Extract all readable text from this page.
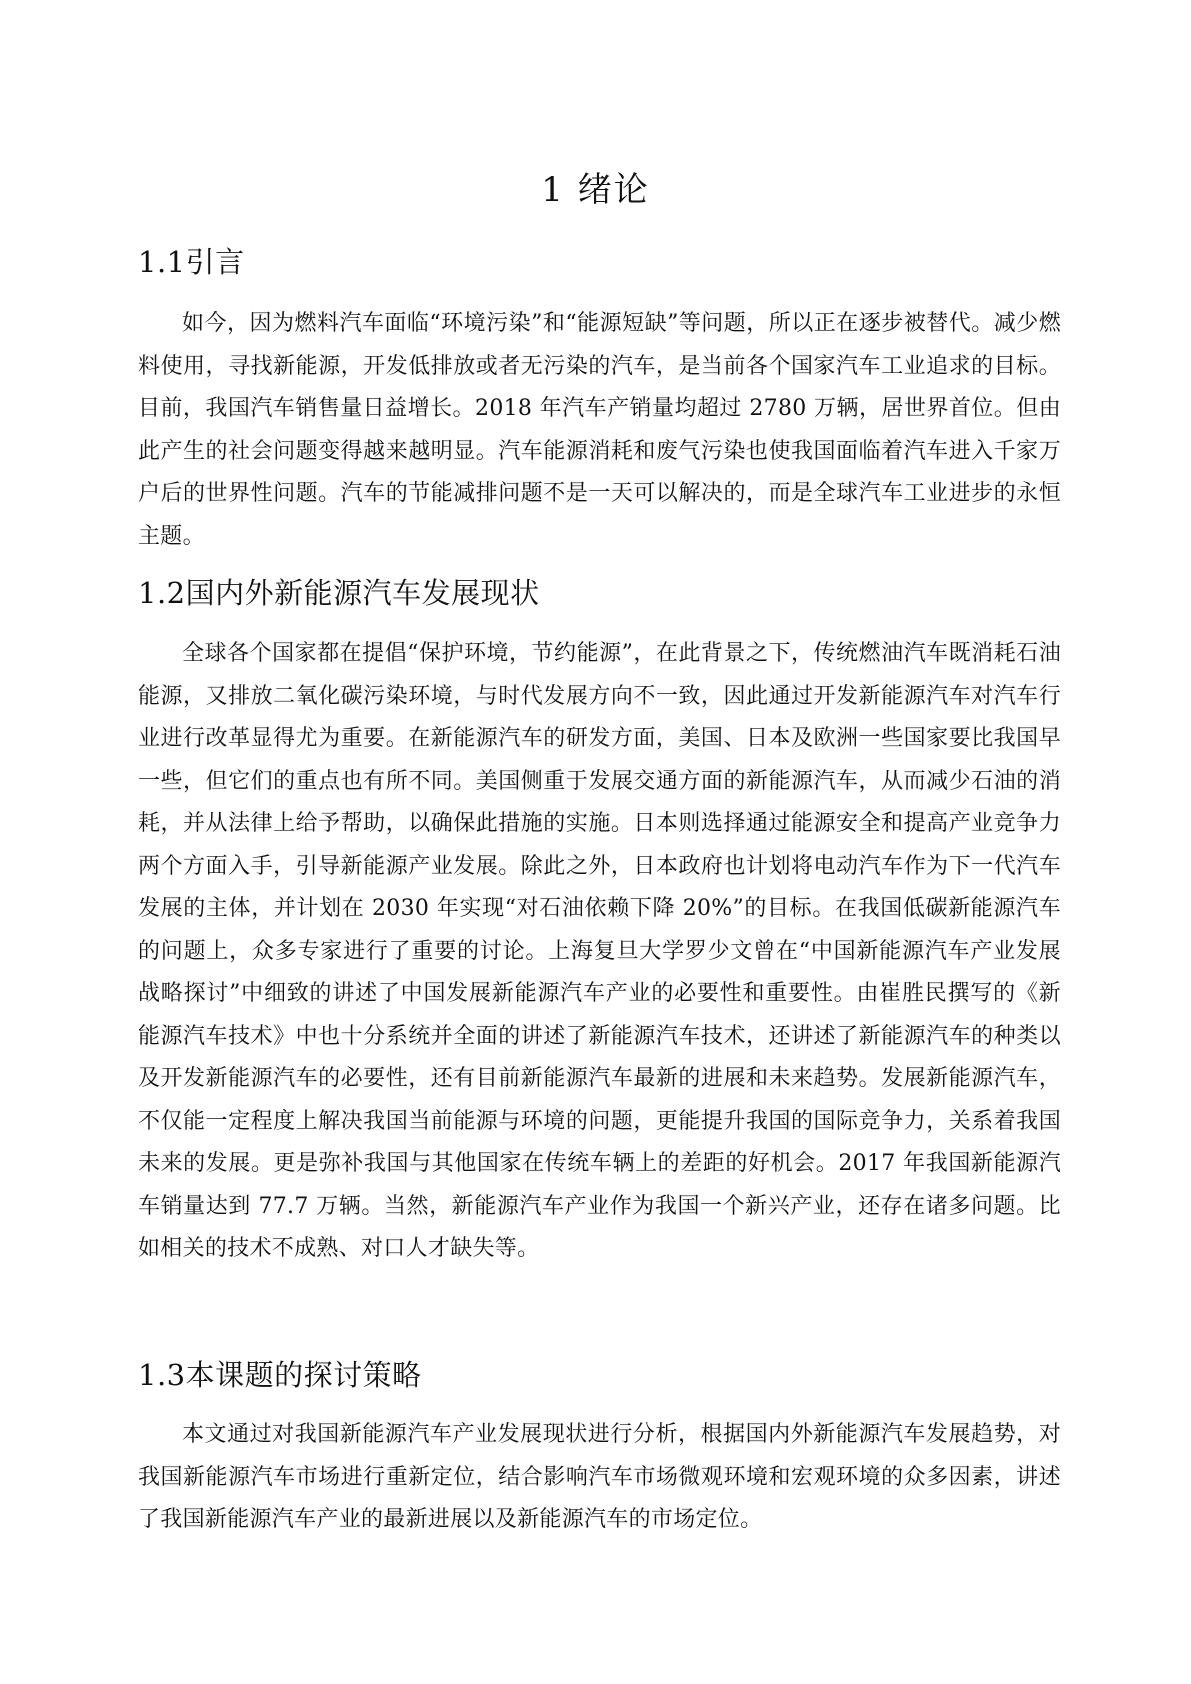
1 绪论
1.1引言

如今，因为燃料汽车面临“环境污染”和“能源短缺”等问题，所以正在逐步被替代。减少燃料使用，寻找新能源，开发低排放或者无污染的汽车，是当前各个国家汽车工业追求的目标。目前，我国汽车销售量日益增长。2018 年汽车产销量均超过 2780 万辆，居世界首位。但由此产生的社会问题变得越来越明显。汽车能源消耗和废气污染也使我国面临着汽车进入千家万户后的世界性问题。汽车的节能减排问题不是一天可以解决的，而是全球汽车工业进步的永恒主题。

1.2国内外新能源汽车发展现状

全球各个国家都在提倡“保护环境，节约能源”，在此背景之下，传统燃油汽车既消耗石油能源，又排放二氧化碳污染环境，与时代发展方向不一致，因此通过开发新能源汽车对汽车行业进行改革显得尤为重要。在新能源汽车的研发方面，美国、日本及欧洲一些国家要比我国早一些，但它们的重点也有所不同。美国侧重于发展交通方面的新能源汽车，从而减少石油的消耗，并从法律上给予帮助，以确保此措施的实施。日本则选择通过能源安全和提高产业竞争力两个方面入手，引导新能源产业发展。除此之外，日本政府也计划将电动汽车作为下一代汽车发展的主体，并计划在 2030 年实现“对石油依赖下降 20%”的目标。在我国低碳新能源汽车的问题上，众多专家进行了重要的讨论。上海复旦大学罗少文曾在“中国新能源汽车产业发展战略探讨”中细致的讲述了中国发展新能源汽车产业的必要性和重要性。由崔胜民撰写的《新能源汽车技术》中也十分系统并全面的讲述了新能源汽车技术，还讲述了新能源汽车的种类以及开发新能源汽车的必要性，还有目前新能源汽车最新的进展和未来趋势。发展新能源汽车，不仅能一定程度上解决我国当前能源与环境的问题，更能提升我国的国际竞争力，关系着我国未来的发展。更是弥补我国与其他国家在传统车辆上的差距的好机会。2017 年我国新能源汽车销量达到 77.7 万辆。当然，新能源汽车产业作为我国一个新兴产业，还存在诸多问题。比如相关的技术不成熟、对口人才缺失等。

1.3本课题的探讨策略

本文通过对我国新能源汽车产业发展现状进行分析，根据国内外新能源汽车发展趋势，对我国新能源汽车市场进行重新定位，结合影响汽车市场微观环境和宏观环境的众多因素，讲述了我国新能源汽车产业的最新进展以及新能源汽车的市场定位。
